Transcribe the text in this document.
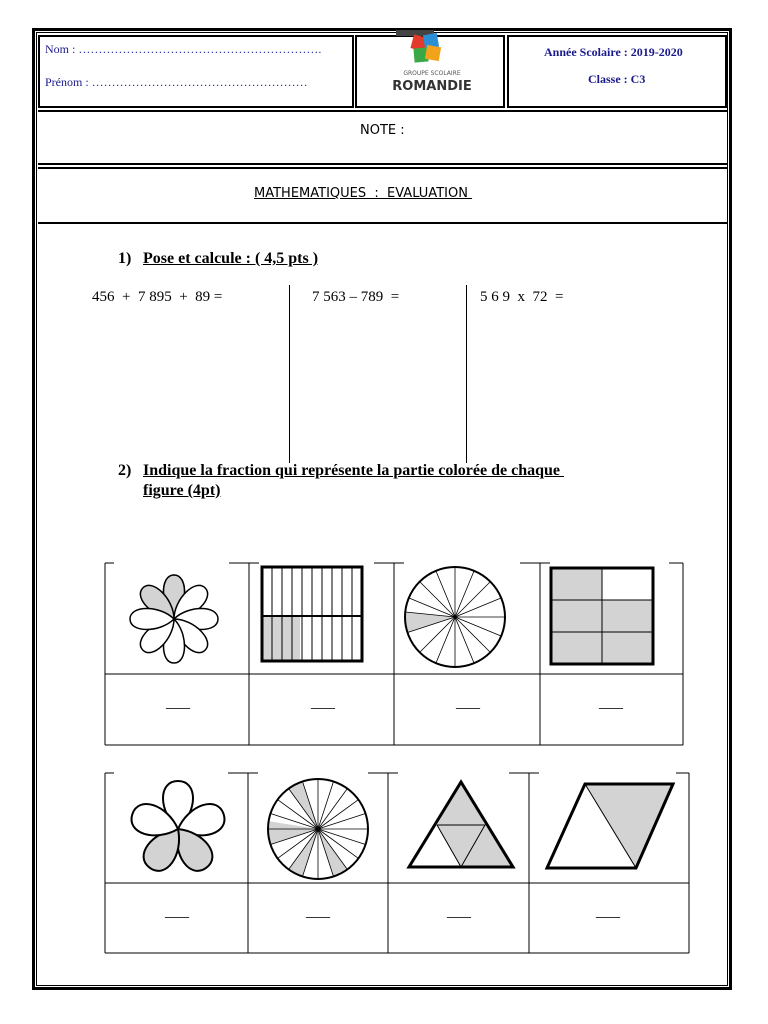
Nom : …………………………………………………….
Prénom : ………………………………………………
GROUPE SCOLAIRE
ROMANDIE
Année Scolaire : 2019-2020
Classe : C3
NOTE :
MATHEMATIQUES  :  EVALUATION
1) Pose et calcule : ( 4,5 pts )
456  +  7 895  +  89 =	7 563 – 789  =	5 6 9  x  72  =
2) Indique la fraction qui représente la partie colorée de chaque
figure (4pt)
___	___	___	___
___	___	___	___
